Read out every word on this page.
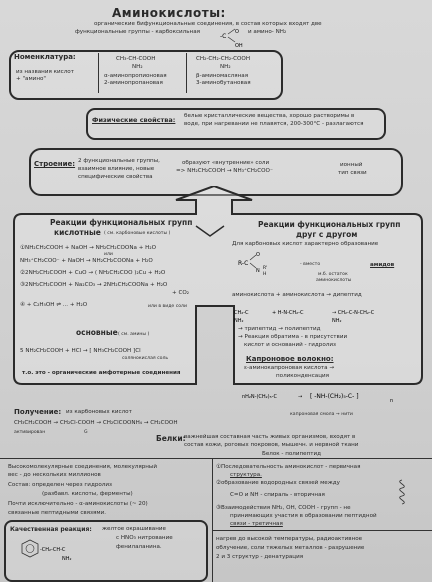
Аминокислоты:
органические бифункциональные соединения, в состав которых входят две
функциональные группы - карбоксильная	и амино- NH₂
-C
O
OH
Номенклатура:
из названия кислот
+ "амино"
CH₃-CH-COOH
NH₂
α-аминопропионовая
2-аминопропановая
CH₂-CH₂-CH₂-COOH
NH₂
β-аминомасляная
3-аминобутановая
Физические свойства: белые кристаллические вещества, хорошо растворимы в
воде, при нагревании не плавятся, 200-300°С - разлагаются
Строение: 2 функциональные группы,
взаимное влияние, новые
специфические свойства
образуют «внутренние» соли
=> NH₂CH₂COOH → NH₃⁺CH₂COO⁻
ионный
тип связи
Реакции функциональных групп
кислотные ( см. карбоновые кислоты )
①NH₂CH₂COOH + NaOH → NH₂CH₂COONa + H₂O
или
NH₃⁺CH₂COO⁻ + NaOH → NH₂CH₂COONa + H₂O
②2NH₂CH₂COOH + CuO → ( NH₂CH₂COO )₂Cu + H₂O
③2NH₂CH₂COOH + Na₂CO₃ → 2NH₂CH₂COONa + H₂O
+ CO₂
④ + C₂H₅OH ⇌ ... + H₂O	или в виде соли
основные ( см. амины )
5 NH₂CH₂COOH + HCl → [ NH₃CH₂COOH ]Cl
солянокислая соль
т.о. это - органические амфотерные соединения
Реакции функциональных групп
друг с другом
Для карбоновых кислот характерно образование
R-C
O
N R'
H
- вместо	амидов
м.б. остаток
аминокислоты
аминокислота + аминокислота → дипептид
CH₂-C
NH₂
+ H-N-CH₂-C	→ CH₂-C-N-CH₂-C
NH₂
→ трипептид → полипептид
→ Реакция обратима - в присутствии
кислот и оснований - гидролиз
Капроновое волокно:
ε-аминокапроновая кислота →
поликонденсация
nH₂N-(CH₂)₅-C	→ [ -NH-(CH₂)₅-C- ]
n
капроновая смола → нити
Получение: из карбоновых кислот
CH₃CH₂COOH → CH₂Cl-COOH → CH₂ClCOONH₄ → CH₂COOH
активирован	G
Белки:
важнейшая составная часть живых организмов, входят в
состав кожи, роговых покровов, мышечн. и нервной ткани
Белок - полипептид
Высокомолекулярные соединения, молекулярный
вес - до нескольких миллионов
Состав: определен через гидролиз
(разбавл. кислоты, ферменты)
Почти исключительно - α-аминокислоты (~ 20)
связанные пептидными связями.
Качественная реакция: желтое окрашивание
с HNO₃ нитрование
фенилаланина.
-CH₂-CH-C
NH₂
①Последовательность аминокислот - первичная
структура.
②образование водородных связей между
C=O и NH - спираль - вторичная
③Взаимодействия NH₂, OH, COOH - групп - не
принимающих участия в образовании пептидной
связи - третичная
нагрев до высокой температуры, радиоактивное
облучение, соли тяжелых металлов - разрушение
2 и 3 структур - денатурация
